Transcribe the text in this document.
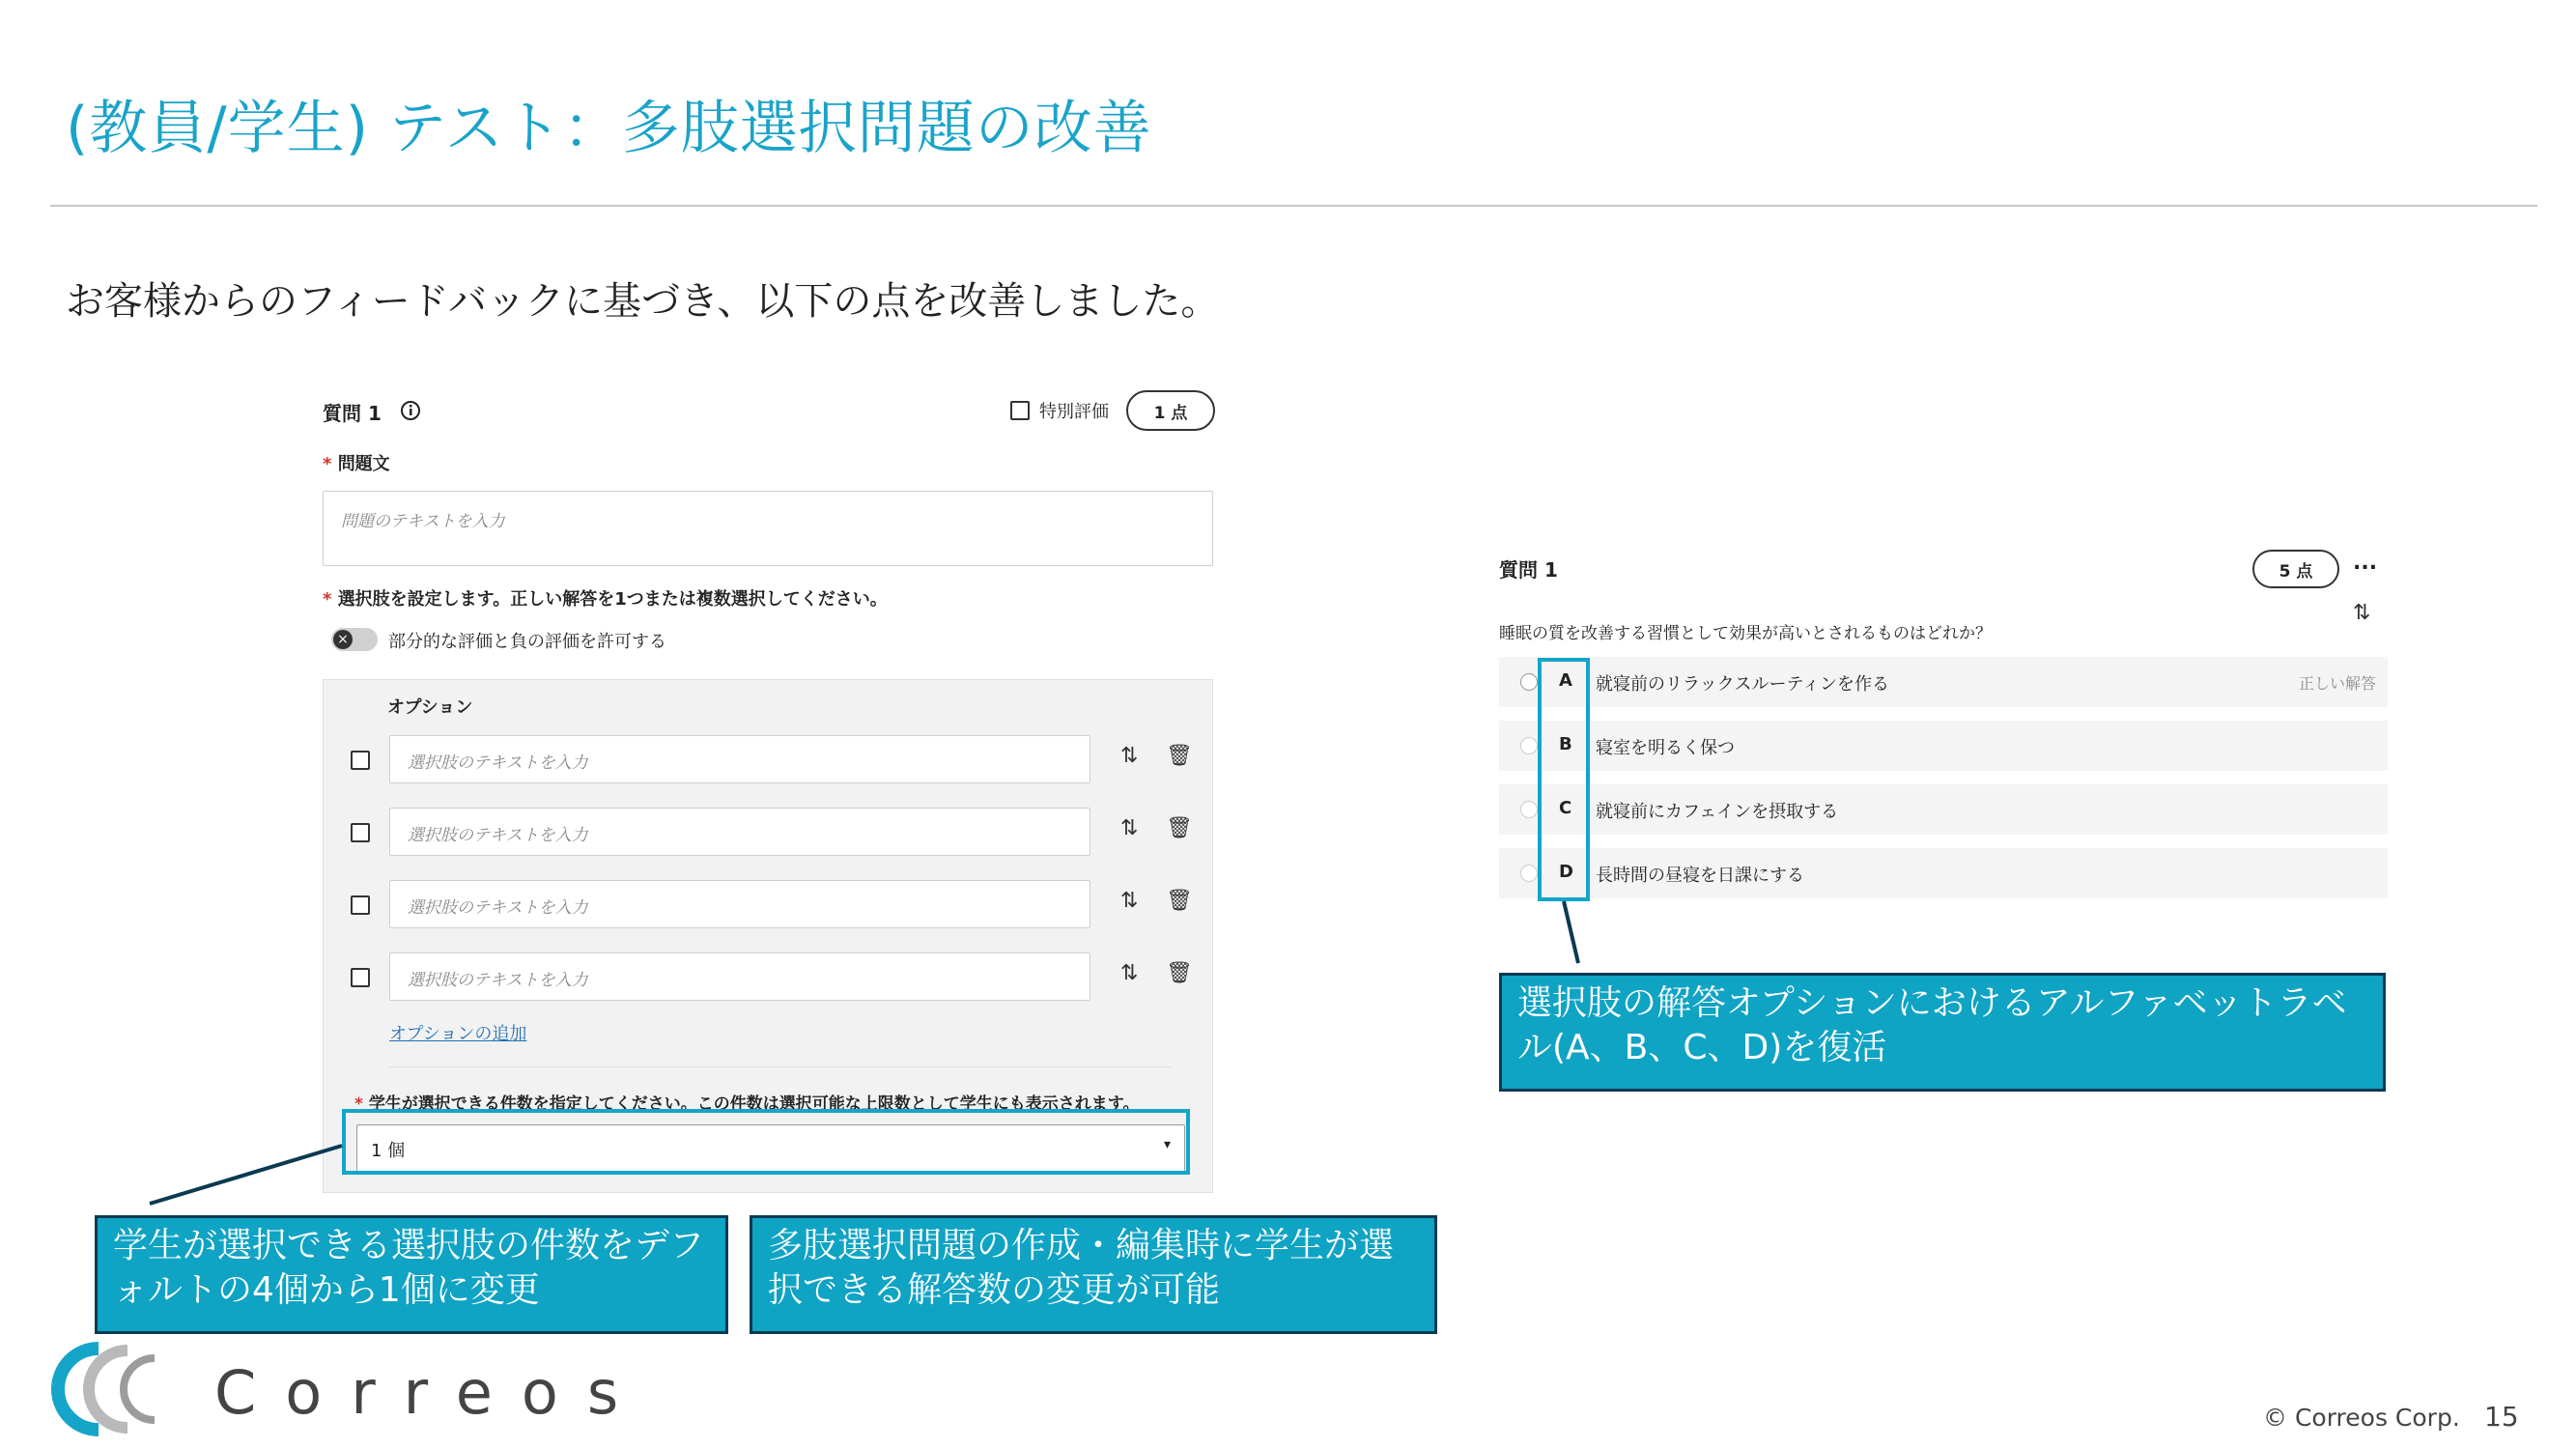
(教員/学生) テスト：多肢選択問題の改善
お客様からのフィードバックに基づき、以下の点を改善しました。
質問 1	特別評価	1 点
* 問題文
問題のテキストを入力
* 選択肢を設定します。正しい解答を1つまたは複数選択してください。
× 部分的な評価と負の評価を許可する
オプション
選択肢のテキストを入力	⇅ 🗑
選択肢のテキストを入力	⇅ 🗑
選択肢のテキストを入力	⇅ 🗑
選択肢のテキストを入力	⇅ 🗑
オプションの追加
* 学生が選択できる件数を指定してください。この件数は選択可能な上限数として学生にも表示されます。
1 個	▾
質問 1	5 点	...
⇅
睡眠の質を改善する習慣として効果が高いとされるものはどれか？
A 就寝前のリラックスルーティンを作る	正しい解答
B 寝室を明るく保つ
C 就寝前にカフェインを摂取する
D 長時間の昼寝を日課にする
選択肢の解答オプションにおけるアルファベットラベル(A、B、C、D)を復活
学生が選択できる選択肢の件数をデフォルトの4個から1個に変更
多肢選択問題の作成・編集時に学生が選択できる解答数の変更が可能
Correos	© Correos Corp. 15
